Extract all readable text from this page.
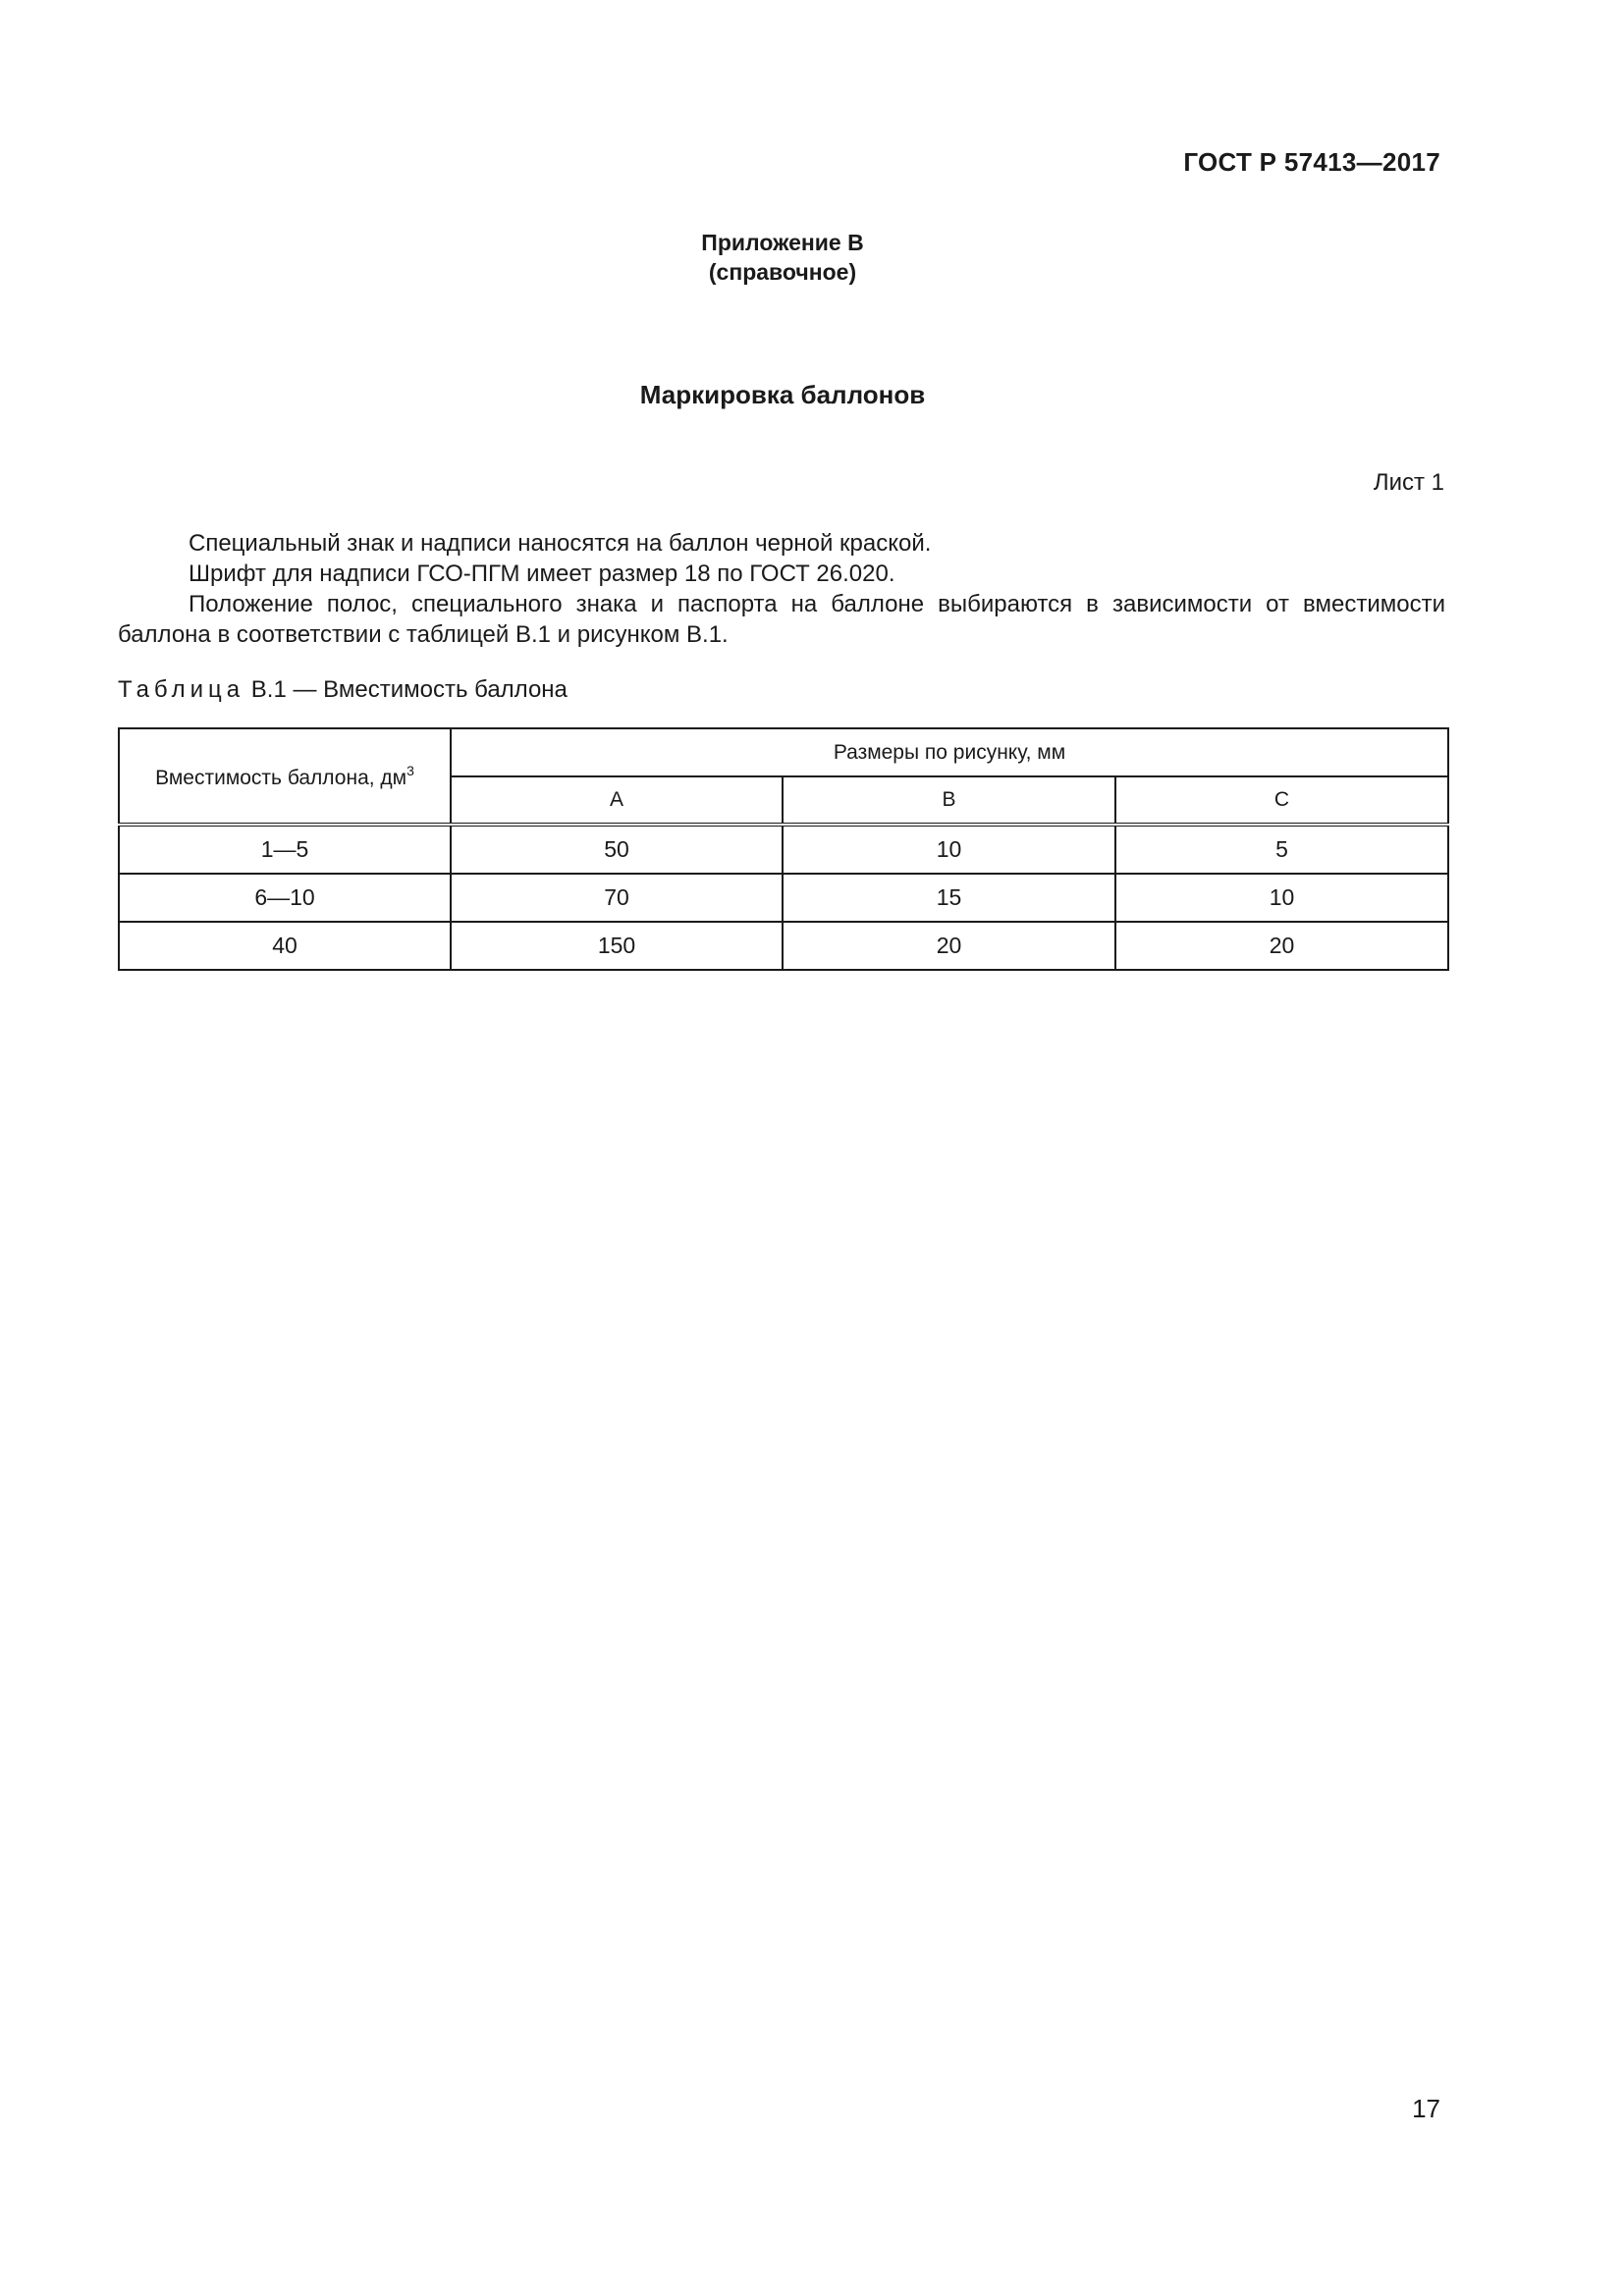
ГОСТ Р 57413—2017
Приложение В
(справочное)
Маркировка баллонов
Лист 1

Специальный знак и надписи наносятся на баллон черной краской.

Шрифт для надписи ГСО-ПГМ имеет размер 18 по ГОСТ 26.020.

Положение полос, специального знака и паспорта на баллоне выбираются в зависимости от вместимости баллона в соответствии с таблицей В.1 и рисунком В.1.

Таблица В.1 — Вместимость баллона
Вместимость баллона, $дм^3$	Размеры по рисунку, мм		
	А	В	С
1—5	50	10	5
6—10	70	15	10
40	150	20	20
17
